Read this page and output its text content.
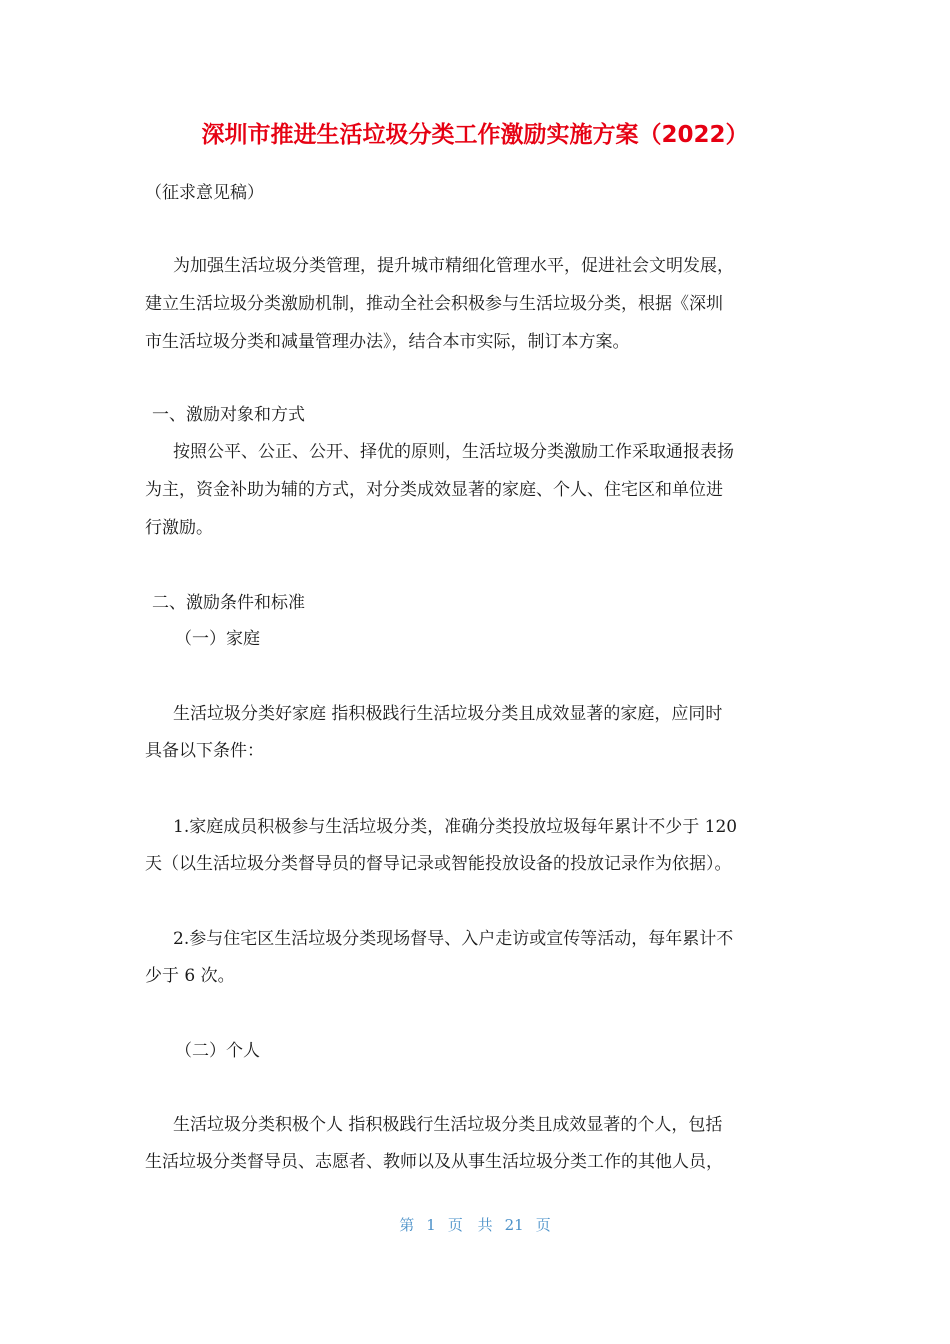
深圳市推进生活垃圾分类工作激励实施方案（2022）
（征求意见稿）
为加强生活垃圾分类管理，提升城市精细化管理水平，促进社会文明发展，
建立生活垃圾分类激励机制，推动全社会积极参与生活垃圾分类，根据《深圳
市生活垃圾分类和减量管理办法》，结合本市实际，制订本方案。
一、激励对象和方式
按照公平、公正、公开、择优的原则，生活垃圾分类激励工作采取通报表扬
为主，资金补助为辅的方式，对分类成效显著的家庭、个人、住宅区和单位进
行激励。
二、激励条件和标准
（一）家庭
生活垃圾分类好家庭 指积极践行生活垃圾分类且成效显著的家庭，应同时
具备以下条件：
1.家庭成员积极参与生活垃圾分类，准确分类投放垃圾每年累计不少于 120
天（以生活垃圾分类督导员的督导记录或智能投放设备的投放记录作为依据）。
2.参与住宅区生活垃圾分类现场督导、入户走访或宣传等活动，每年累计不
少于 6 次。
（二）个人
生活垃圾分类积极个人 指积极践行生活垃圾分类且成效显著的个人，包括
生活垃圾分类督导员、志愿者、教师以及从事生活垃圾分类工作的其他人员，
第 1 页 共 21 页
